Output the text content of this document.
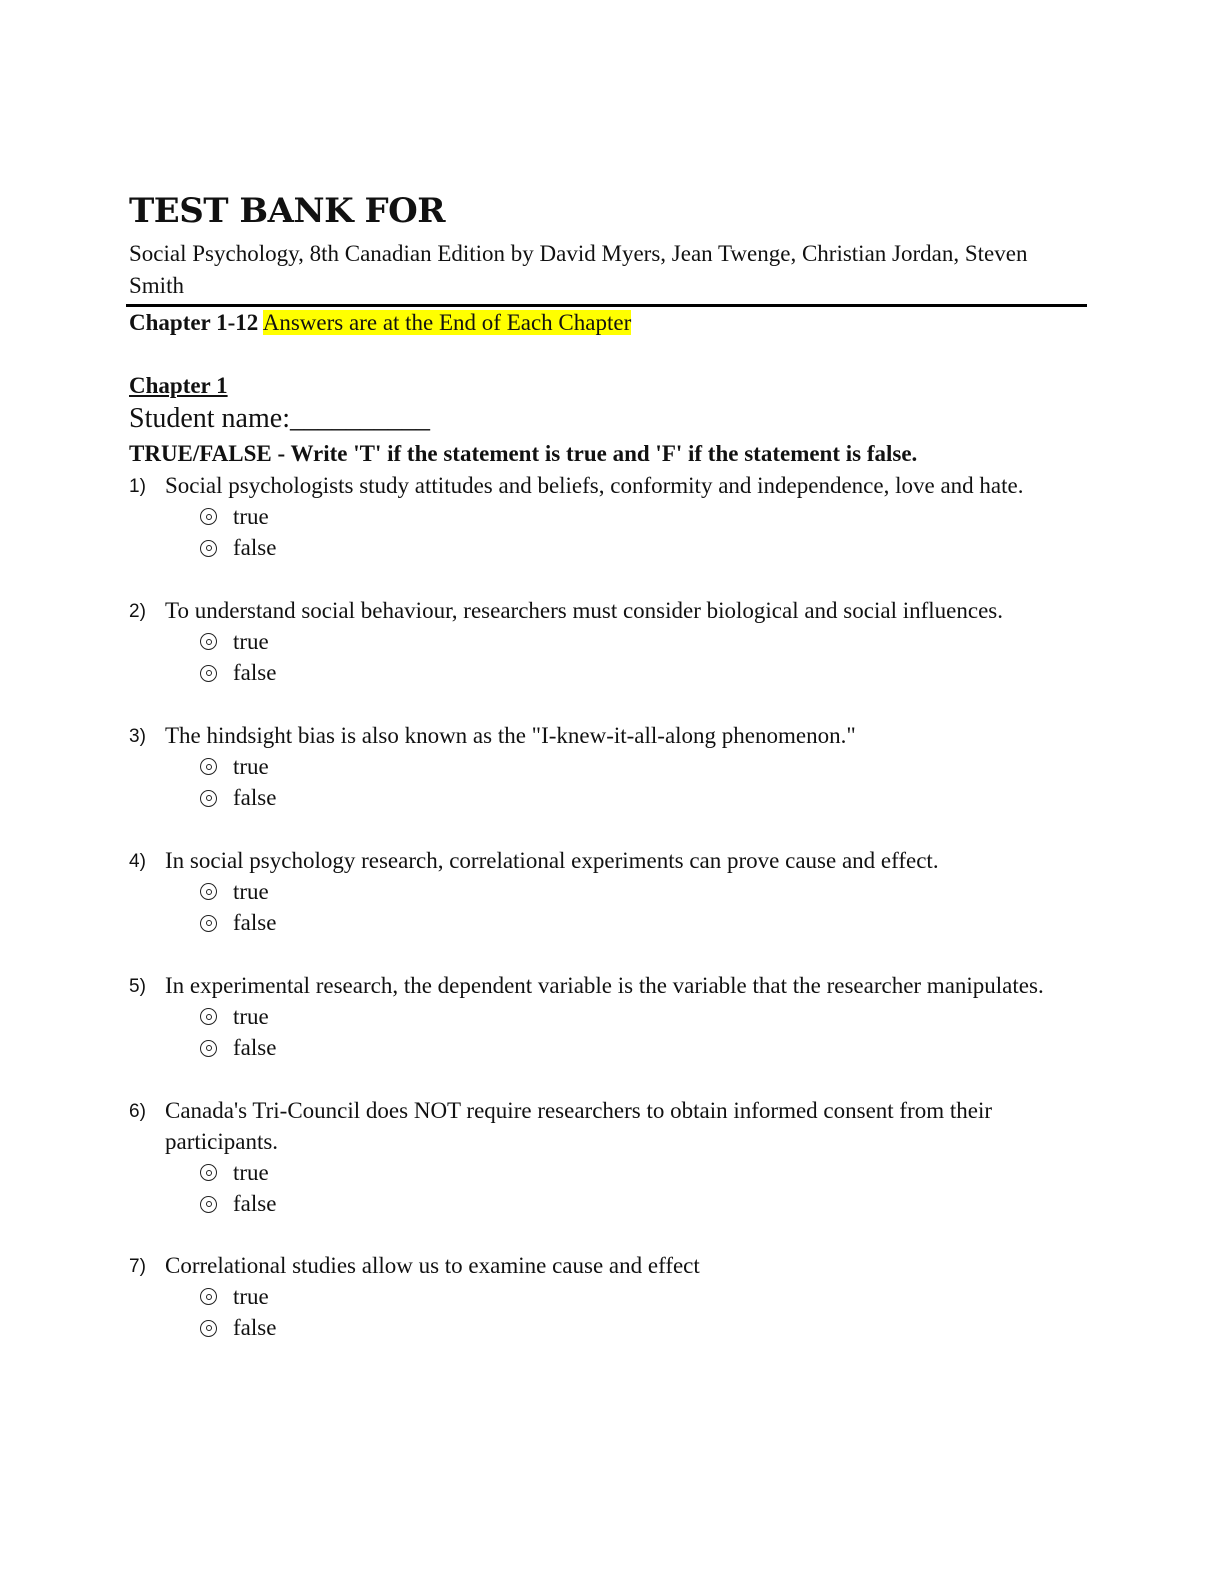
TEST BANK FOR
Social Psychology, 8th Canadian Edition by David Myers, Jean Twenge, Christian Jordan, Steven Smith
Chapter 1-12 Answers are at the End of Each Chapter
Chapter 1
Student name:__________
TRUE/FALSE - Write 'T' if the statement is true and 'F' if the statement is false.
1) Social psychologists study attitudes and beliefs, conformity and independence, love and hate.
true
false
2) To understand social behaviour, researchers must consider biological and social influences.
true
false
3) The hindsight bias is also known as the "I-knew-it-all-along phenomenon."
true
false
4) In social psychology research, correlational experiments can prove cause and effect.
true
false
5) In experimental research, the dependent variable is the variable that the researcher manipulates.
true
false
6) Canada's Tri-Council does NOT require researchers to obtain informed consent from their participants.
true
false
7) Correlational studies allow us to examine cause and effect
true
false
